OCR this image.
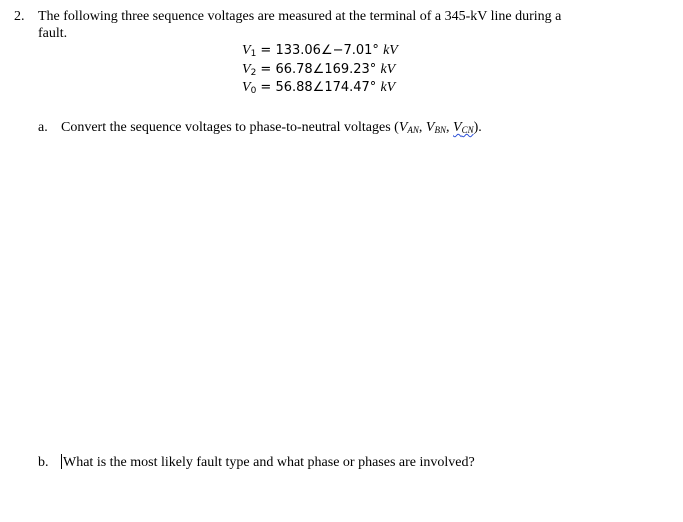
2. The following three sequence voltages are measured at the terminal of a 345-kV line during a
fault.
$V_1$ = 133.06∠−7.01° kV
$V_2$ = 66.78∠169.23° kV
$V_0$ = 56.88∠174.47° kV
a. Convert the sequence voltages to phase-to-neutral voltages ($V_{AN}$, $V_{BN}$, $V_{CN}$).
b. What is the most likely fault type and what phase or phases are involved?
